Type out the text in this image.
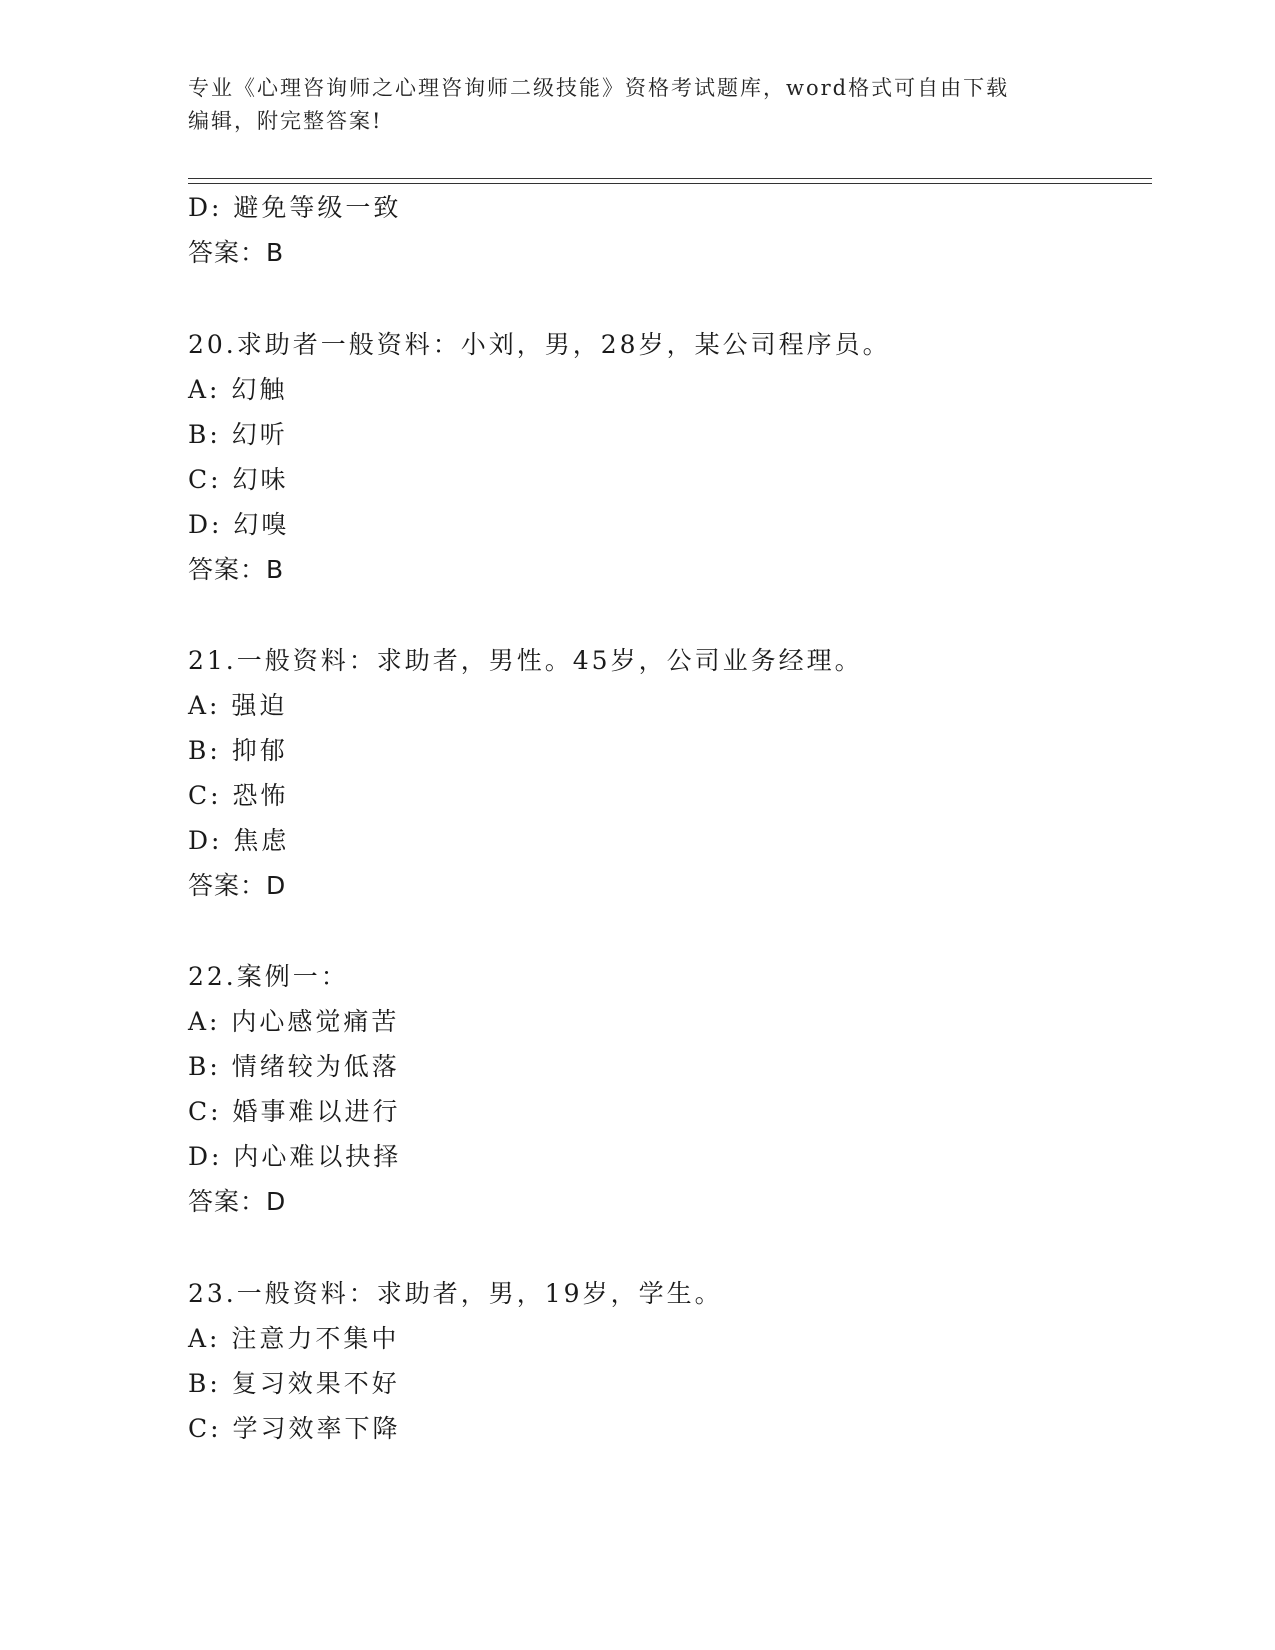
专业《心理咨询师之心理咨询师二级技能》资格考试题库，word格式可自由下载
编辑，附完整答案!
D: 避免等级一致
答案：B
20.求助者一般资料：小刘，男，28岁，某公司程序员。
A: 幻触
B: 幻听
C: 幻味
D: 幻嗅
答案：B
21.一般资料：求助者，男性。45岁，公司业务经理。
A: 强迫
B: 抑郁
C: 恐怖
D: 焦虑
答案：D
22.案例一：
A: 内心感觉痛苦
B: 情绪较为低落
C: 婚事难以进行
D: 内心难以抉择
答案：D
23.一般资料：求助者，男，19岁，学生。
A: 注意力不集中
B: 复习效果不好
C: 学习效率下降
